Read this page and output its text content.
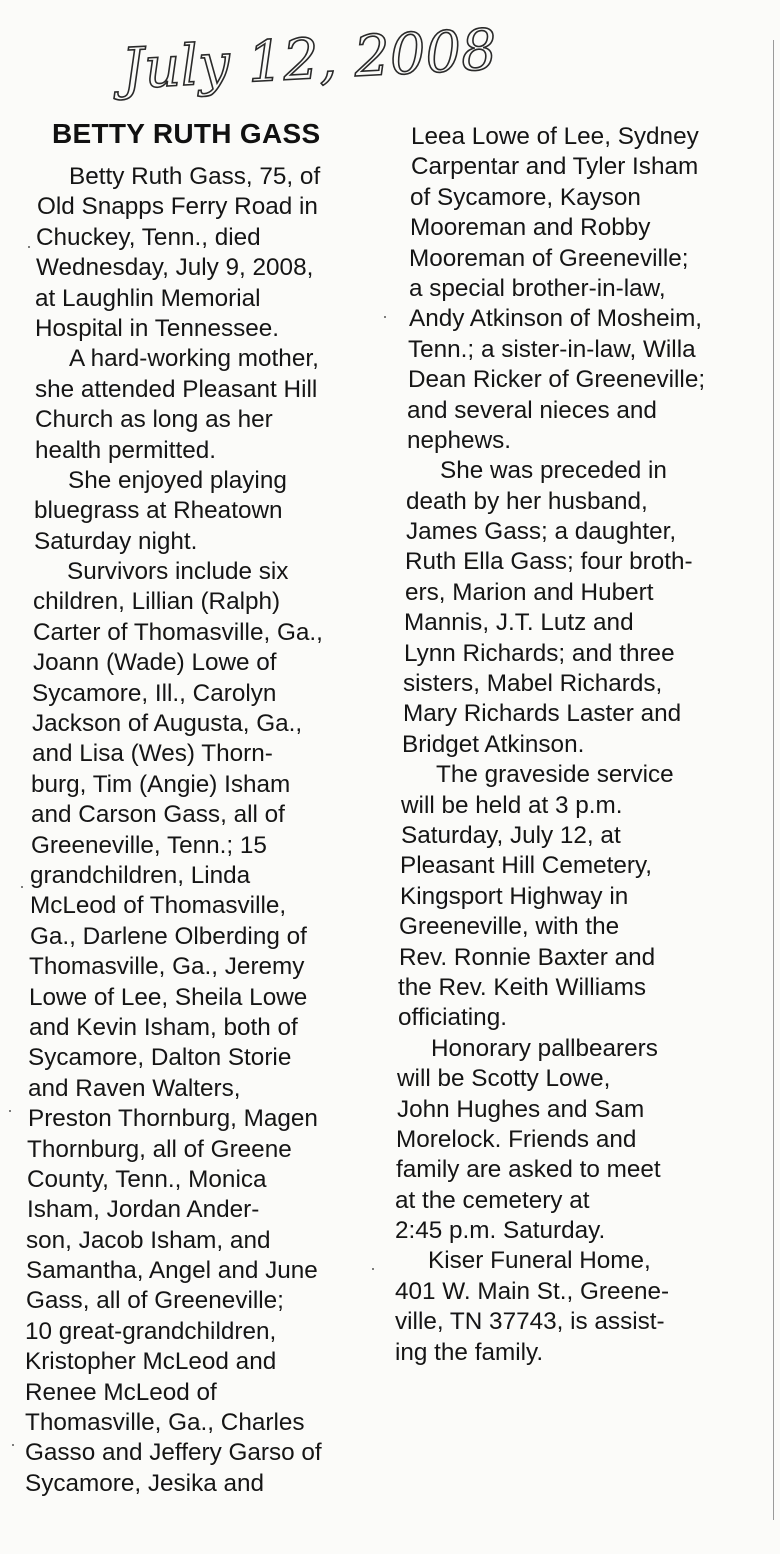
July 12, 2008
BETTY RUTH GASS
Betty Ruth Gass, 75, of
Old Snapps Ferry Road in
Chuckey, Tenn., died
Wednesday, July 9, 2008,
at Laughlin Memorial
Hospital in Tennessee.
A hard-working mother,
she attended Pleasant Hill
Church as long as her
health permitted.
She enjoyed playing
bluegrass at Rheatown
Saturday night.
Survivors include six
children, Lillian (Ralph)
Carter of Thomasville, Ga.,
Joann (Wade) Lowe of
Sycamore, Ill., Carolyn
Jackson of Augusta, Ga.,
and Lisa (Wes) Thorn-
burg, Tim (Angie) Isham
and Carson Gass, all of
Greeneville, Tenn.; 15
grandchildren, Linda
McLeod of Thomasville,
Ga., Darlene Olberding of
Thomasville, Ga., Jeremy
Lowe of Lee, Sheila Lowe
and Kevin Isham, both of
Sycamore, Dalton Storie
and Raven Walters,
Preston Thornburg, Magen
Thornburg, all of Greene
County, Tenn., Monica
Isham, Jordan Ander-
son, Jacob Isham, and
Samantha, Angel and June
Gass, all of Greeneville;
10 great-grandchildren,
Kristopher McLeod and
Renee McLeod of
Thomasville, Ga., Charles
Gasso and Jeffery Garso of
Sycamore, Jesika and
Leea Lowe of Lee, Sydney
Carpentar and Tyler Isham
of Sycamore, Kayson
Mooreman and Robby
Mooreman of Greeneville;
a special brother-in-law,
Andy Atkinson of Mosheim,
Tenn.; a sister-in-law, Willa
Dean Ricker of Greeneville;
and several nieces and
nephews.
She was preceded in
death by her husband,
James Gass; a daughter,
Ruth Ella Gass; four broth-
ers, Marion and Hubert
Mannis, J.T. Lutz and
Lynn Richards; and three
sisters, Mabel Richards,
Mary Richards Laster and
Bridget Atkinson.
The graveside service
will be held at 3 p.m.
Saturday, July 12, at
Pleasant Hill Cemetery,
Kingsport Highway in
Greeneville, with the
Rev. Ronnie Baxter and
the Rev. Keith Williams
officiating.
Honorary pallbearers
will be Scotty Lowe,
John Hughes and Sam
Morelock. Friends and
family are asked to meet
at the cemetery at
2:45 p.m. Saturday.
Kiser Funeral Home,
401 W. Main St., Greene-
ville, TN 37743, is assist-
ing the family.
